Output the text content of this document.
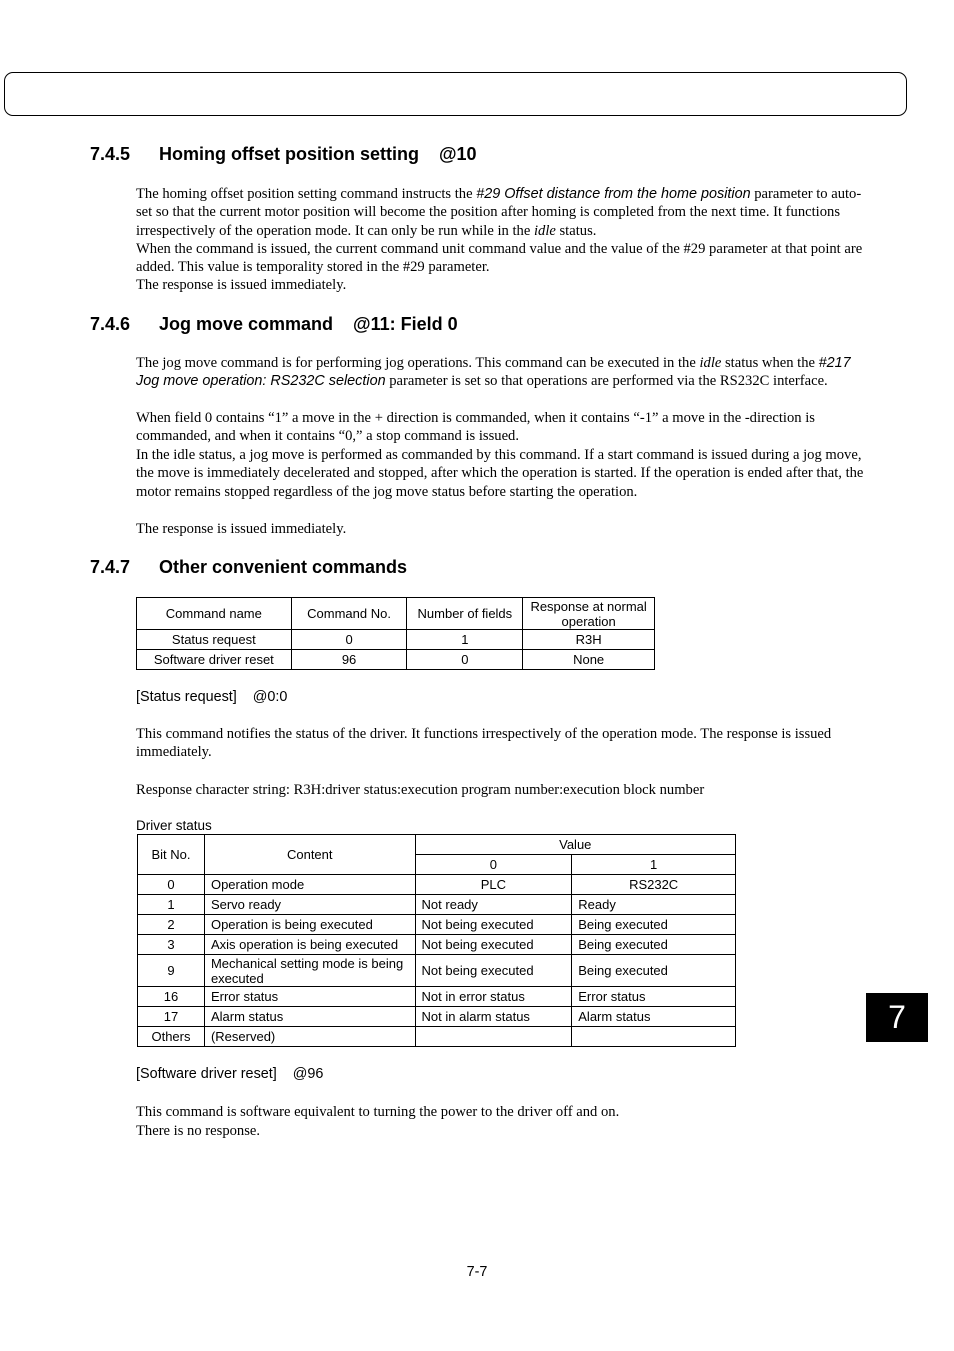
7.4.5 Homing offset position setting    @10
The homing offset position setting command instructs the #29 Offset distance from the home position parameter to auto-set so that the current motor position will become the position after homing is completed from the next time. It functions irrespectively of the operation mode. It can only be run while in the idle status.
When the command is issued, the current command unit command value and the value of the #29 parameter at that point are added. This value is temporality stored in the #29 parameter.
The response is issued immediately.
7.4.6 Jog move command    @11: Field 0
The jog move command is for performing jog operations. This command can be executed in the idle status when the #217 Jog move operation: RS232C selection parameter is set so that operations are performed via the RS232C interface.
When field 0 contains “1” a move in the + direction is commanded, when it contains “-1” a move in the -direction is commanded, and when it contains “0,” a stop command is issued.
In the idle status, a jog move is performed as commanded by this command. If a start command is issued during a jog move, the move is immediately decelerated and stopped, after which the operation is started. If the operation is ended after that, the motor remains stopped regardless of the jog move status before starting the operation.
The response is issued immediately.
7.4.7 Other convenient commands
Command name	Command No.	Number of fields	Response at normal operation
Status request	0	1	R3H
Software driver reset	96	0	None
[Status request]    @0:0
This command notifies the status of the driver. It functions irrespectively of the operation mode. The response is issued immediately.
Response character string: R3H:driver status:execution program number:execution block number
Driver status
Bit No.	Content	Value	
		0	1
0	Operation mode	PLC	RS232C
1	Servo ready	Not ready	Ready
2	Operation is being executed	Not being executed	Being executed
3	Axis operation is being executed	Not being executed	Being executed
9	Mechanical setting mode is being executed	Not being executed	Being executed
16	Error status	Not in error status	Error status
17	Alarm status	Not in alarm status	Alarm status
Others	(Reserved)		
[Software driver reset]    @96
This command is software equivalent to turning the power to the driver off and on.
There is no response.
7
7-7
